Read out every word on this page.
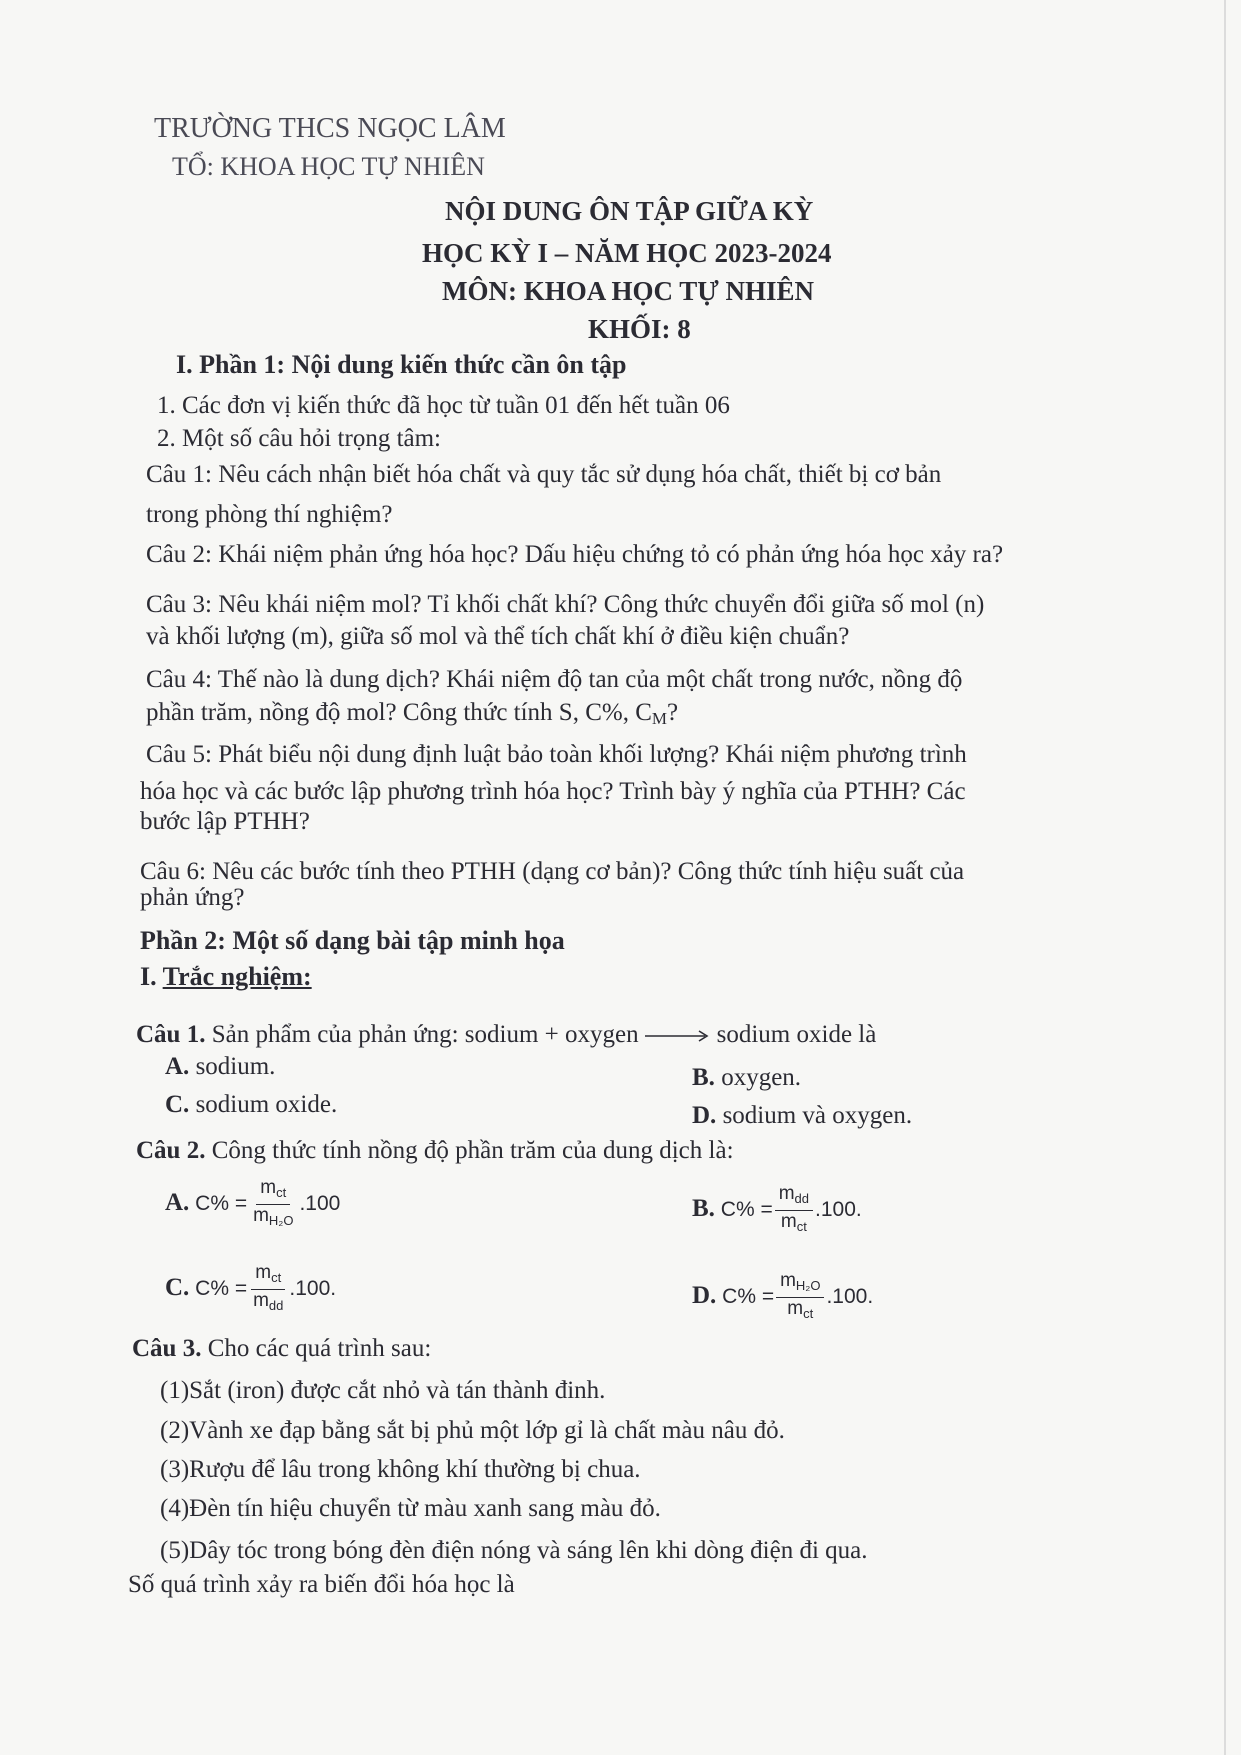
TRƯỜNG THCS NGỌC LÂM
TỔ: KHOA HỌC TỰ NHIÊN
NỘI DUNG ÔN TẬP GIỮA KỲ
HỌC KỲ I – NĂM HỌC 2023-2024
MÔN: KHOA HỌC TỰ NHIÊN
KHỐI: 8
I. Phần 1: Nội dung kiến thức cần ôn tập
1. Các đơn vị kiến thức đã học từ tuần 01 đến hết tuần 06
2. Một số câu hỏi trọng tâm:
Câu 1: Nêu cách nhận biết hóa chất và quy tắc sử dụng hóa chất, thiết bị cơ bản
trong phòng thí nghiệm?
Câu 2: Khái niệm phản ứng hóa học? Dấu hiệu chứng tỏ có phản ứng hóa học xảy ra?
Câu 3: Nêu khái niệm mol? Tỉ khối chất khí? Công thức chuyển đổi giữa số mol (n)
và khối lượng (m), giữa số mol và thể tích chất khí ở điều kiện chuẩn?
Câu 4: Thế nào là dung dịch? Khái niệm độ tan của một chất trong nước, nồng độ
phần trăm, nồng độ mol? Công thức tính S, C%, $C_M$?
Câu 5: Phát biểu nội dung định luật bảo toàn khối lượng? Khái niệm phương trình
hóa học và các bước lập phương trình hóa học? Trình bày ý nghĩa của PTHH? Các
bước lập PTHH?
Câu 6: Nêu các bước tính theo PTHH (dạng cơ bản)? Công thức tính hiệu suất của
phản ứng?
Phần 2: Một số dạng bài tập minh họa
I. Trắc nghiệm:
Câu 1. Sản phẩm của phản ứng: sodium + oxygen	sodium oxide là
A. sodium.	B. oxygen.
C. sodium oxide.	D. sodium và oxygen.
Câu 2. Công thức tính nồng độ phần trăm của dung dịch là:
A. $C\% = \frac{m_{ct}}{m_{H_2O}} .100$	B. $C\% = \frac{m_{dd}}{m_{ct}} .100$.
C. $C\% = \frac{m_{ct}}{m_{dd}} .100$.	D. $C\% = \frac{m_{H_2O}}{m_{ct}} .100$.
Câu 3. Cho các quá trình sau:
(1)Sắt (iron) được cắt nhỏ và tán thành đinh.
(2)Vành xe đạp bằng sắt bị phủ một lớp gỉ là chất màu nâu đỏ.
(3)Rượu để lâu trong không khí thường bị chua.
(4)Đèn tín hiệu chuyển từ màu xanh sang màu đỏ.
(5)Dây tóc trong bóng đèn điện nóng và sáng lên khi dòng điện đi qua.
Số quá trình xảy ra biến đổi hóa học là
